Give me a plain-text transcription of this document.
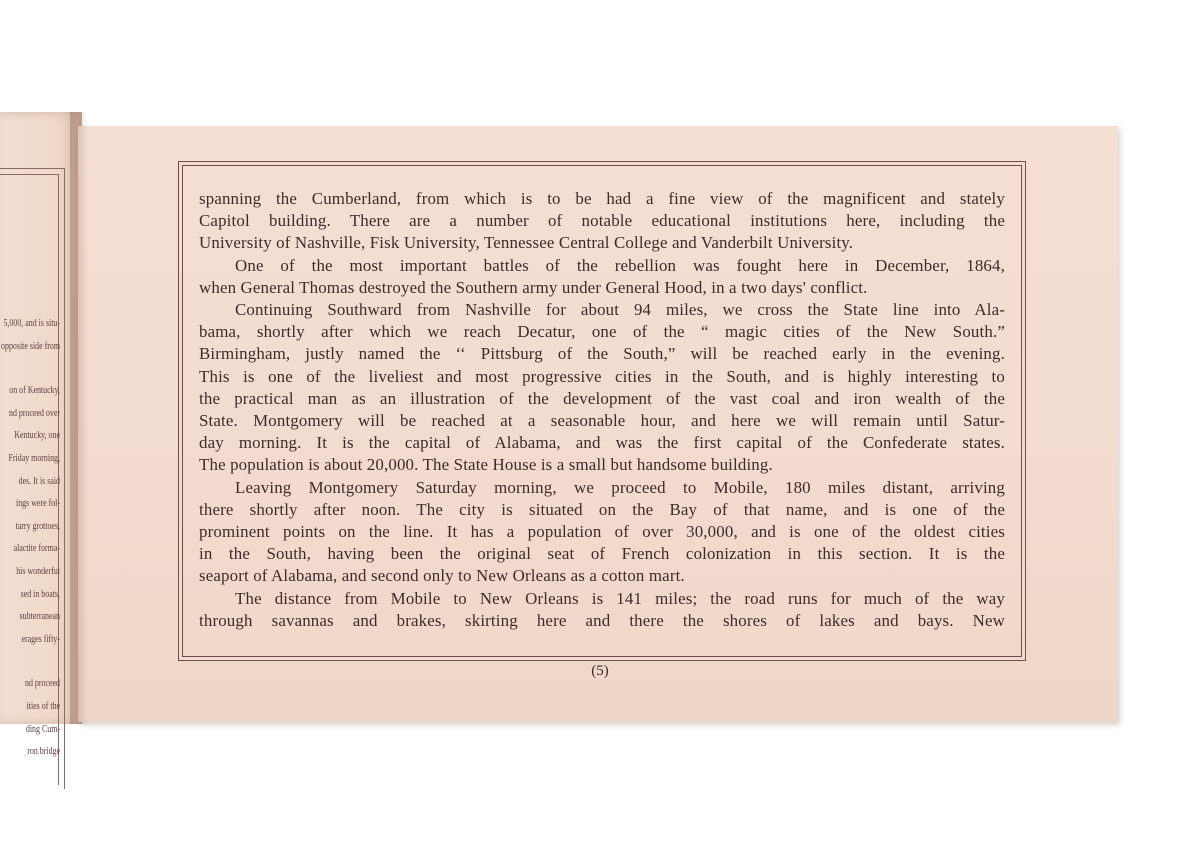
5,000, and is situ-
opposite side from
on of Kentucky,
nd proceed over
Kentucky, one
Friday morning,
des. It is said
ings were fol-
tarry grottoes,
alactite forma-
his wonderful
sed in boats,
subterranean
erages fifty-
nd proceed
ities of the
ding Cum-
ron bridge
spanning the Cumberland, from which is to be had a fine view of the magnificent and stately
Capitol building. There are a number of notable educational institutions here, including the
University of Nashville, Fisk University, Tennessee Central College and Vanderbilt University.
One of the most important battles of the rebellion was fought here in December, 1864,
when General Thomas destroyed the Southern army under General Hood, in a two days' conflict.
Continuing Southward from Nashville for about 94 miles, we cross the State line into Ala-
bama, shortly after which we reach Decatur, one of the “ magic cities of the New South.”
Birmingham, justly named the ‘‘ Pittsburg of the South,” will be reached early in the evening.
This is one of the liveliest and most progressive cities in the South, and is highly interesting to
the practical man as an illustration of the development of the vast coal and iron wealth of the
State. Montgomery will be reached at a seasonable hour, and here we will remain until Satur-
day morning. It is the capital of Alabama, and was the first capital of the Confederate states.
The population is about 20,000. The State House is a small but handsome building.
Leaving Montgomery Saturday morning, we proceed to Mobile, 180 miles distant, arriving
there shortly after noon. The city is situated on the Bay of that name, and is one of the
prominent points on the line. It has a population of over 30,000, and is one of the oldest cities
in the South, having been the original seat of French colonization in this section. It is the
seaport of Alabama, and second only to New Orleans as a cotton mart.
The distance from Mobile to New Orleans is 141 miles; the road runs for much of the way
through savannas and brakes, skirting here and there the shores of lakes and bays. New
(5)
